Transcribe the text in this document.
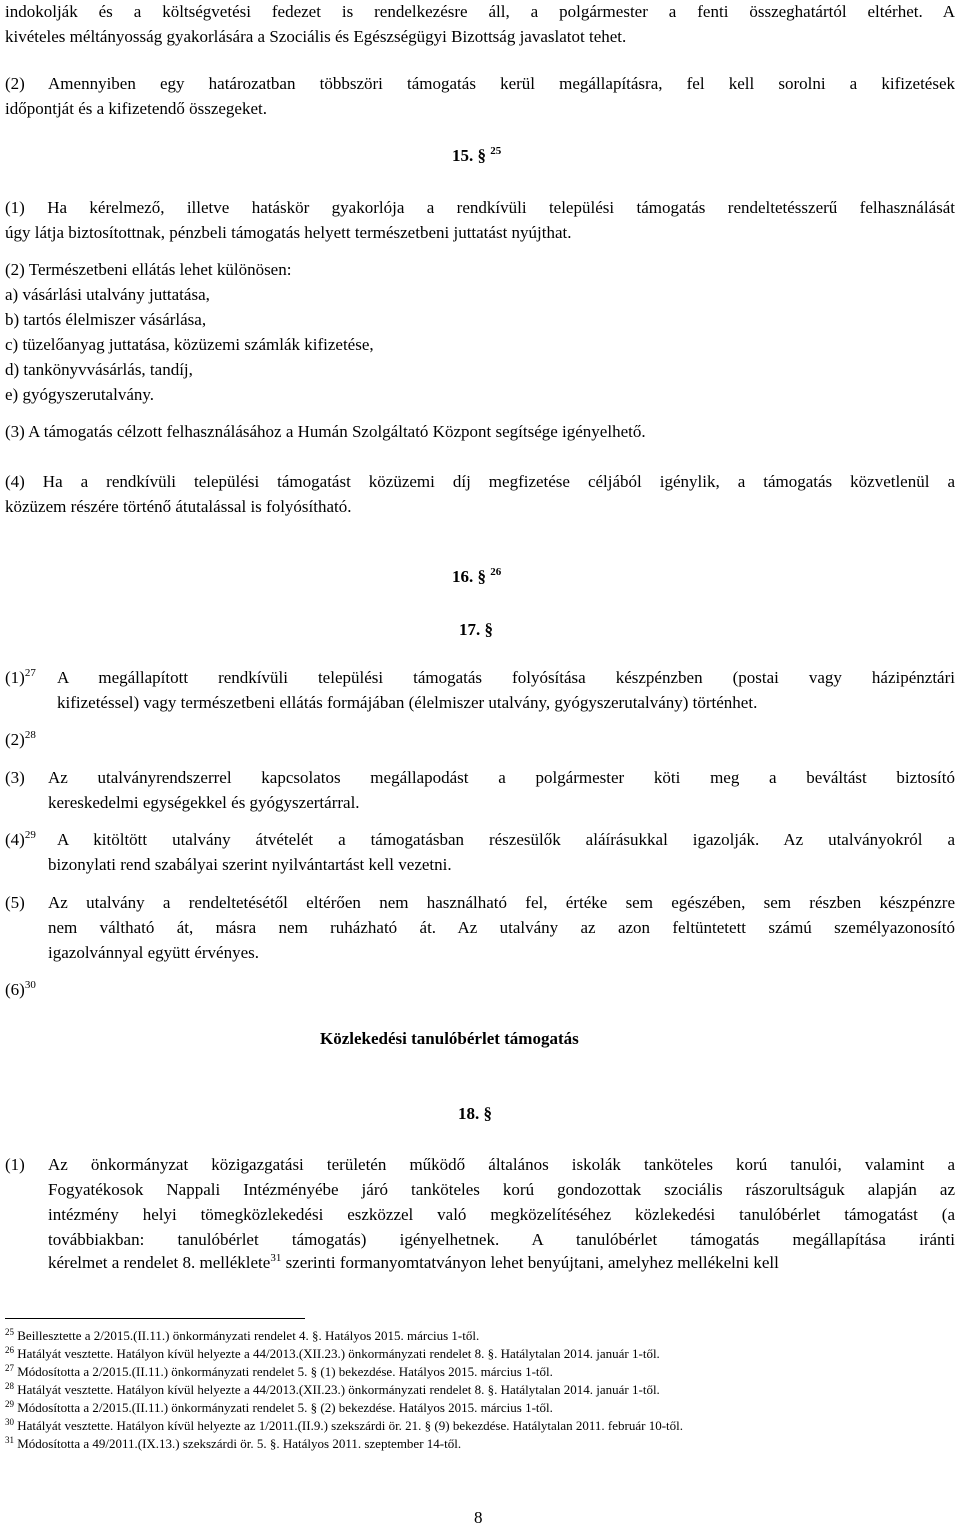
indokolják és a költségvetési fedezet is rendelkezésre áll, a polgármester a fenti összeghatártól eltérhet. A
kivételes méltányosság gyakorlására a Szociális és Egészségügyi Bizottság javaslatot tehet.
(2) Amennyiben egy határozatban többszöri támogatás kerül megállapításra, fel kell sorolni a kifizetések
időpontját és a kifizetendő összegeket.
15. § $^{25}$
(1) Ha kérelmező, illetve hatáskör gyakorlója a rendkívüli települési támogatás rendeltetésszerű felhasználását
úgy látja biztosítottnak, pénzbeli támogatás helyett természetbeni juttatást nyújthat.
(2) Természetbeni ellátás lehet különösen:
a) vásárlási utalvány juttatása,
b) tartós élelmiszer vásárlása,
c) tüzelőanyag juttatása, közüzemi számlák kifizetése,
d) tankönyvvásárlás, tandíj,
e) gyógyszerutalvány.
(3) A támogatás célzott felhasználásához a Humán Szolgáltató Központ segítsége igényelhető.
(4) Ha a rendkívüli települési támogatást közüzemi díj megfizetése céljából igénylik, a támogatás közvetlenül a
közüzem részére történő átutalással is folyósítható.
16. § $^{26}$
17. §
$(1)^{27}$ A megállapított rendkívüli települési támogatás folyósítása készpénzben (postai vagy házipénztári
kifizetéssel) vagy természetbeni ellátás formájában (élelmiszer utalvány, gyógyszerutalvány) történhet.
$(2)^{28}$
(3) Az utalványrendszerrel kapcsolatos megállapodást a polgármester köti meg a beváltást biztosító
kereskedelmi egységekkel és gyógyszertárral.
$(4)^{29}$ A kitöltött utalvány átvételét a támogatásban részesülők aláírásukkal igazolják. Az utalványokról a
bizonylati rend szabályai szerint nyilvántartást kell vezetni.
(5) Az utalvány a rendeltetésétől eltérően nem használható fel, értéke sem egészében, sem részben készpénzre
nem váltható át, másra nem ruházható át. Az utalvány az azon feltüntetett számú személyazonosító
igazolvánnyal együtt érvényes.
$(6)^{30}$
Közlekedési tanulóbérlet támogatás
18. §
(1) Az önkormányzat közigazgatási területén működő általános iskolák tanköteles korú tanulói, valamint a
Fogyatékosok Nappali Intézményébe járó tanköteles korú gondozottak szociális rászorultságuk alapján az
intézmény helyi tömegközlekedési eszközzel való megközelítéséhez közlekedési tanulóbérlet támogatást (a
továbbiakban: tanulóbérlet támogatás) igényelhetnek. A tanulóbérlet támogatás megállapítása iránti
kérelmet a rendelet 8. melléklete$^{31}$ szerinti formanyomtatványon lehet benyújtani, amelyhez mellékelni kell
$^{25}$ Beillesztette a 2/2015.(II.11.) önkormányzati rendelet 4. §. Hatályos 2015. március 1-től.
$^{26}$ Hatályát vesztette. Hatályon kívül helyezte a 44/2013.(XII.23.) önkormányzati rendelet 8. §. Hatálytalan 2014. január 1-től.
$^{27}$ Módosította a 2/2015.(II.11.) önkormányzati rendelet 5. § (1) bekezdése. Hatályos 2015. március 1-től.
$^{28}$ Hatályát vesztette. Hatályon kívül helyezte a 44/2013.(XII.23.) önkormányzati rendelet 8. §. Hatálytalan 2014. január 1-től.
$^{29}$ Módosította a 2/2015.(II.11.) önkormányzati rendelet 5. § (2) bekezdése. Hatályos 2015. március 1-től.
$^{30}$ Hatályát vesztette. Hatályon kívül helyezte az 1/2011.(II.9.) szekszárdi ör. 21. § (9) bekezdése. Hatálytalan 2011. február 10-től.
$^{31}$ Módosította a 49/2011.(IX.13.) szekszárdi ör. 5. §. Hatályos 2011. szeptember 14-től.
8
